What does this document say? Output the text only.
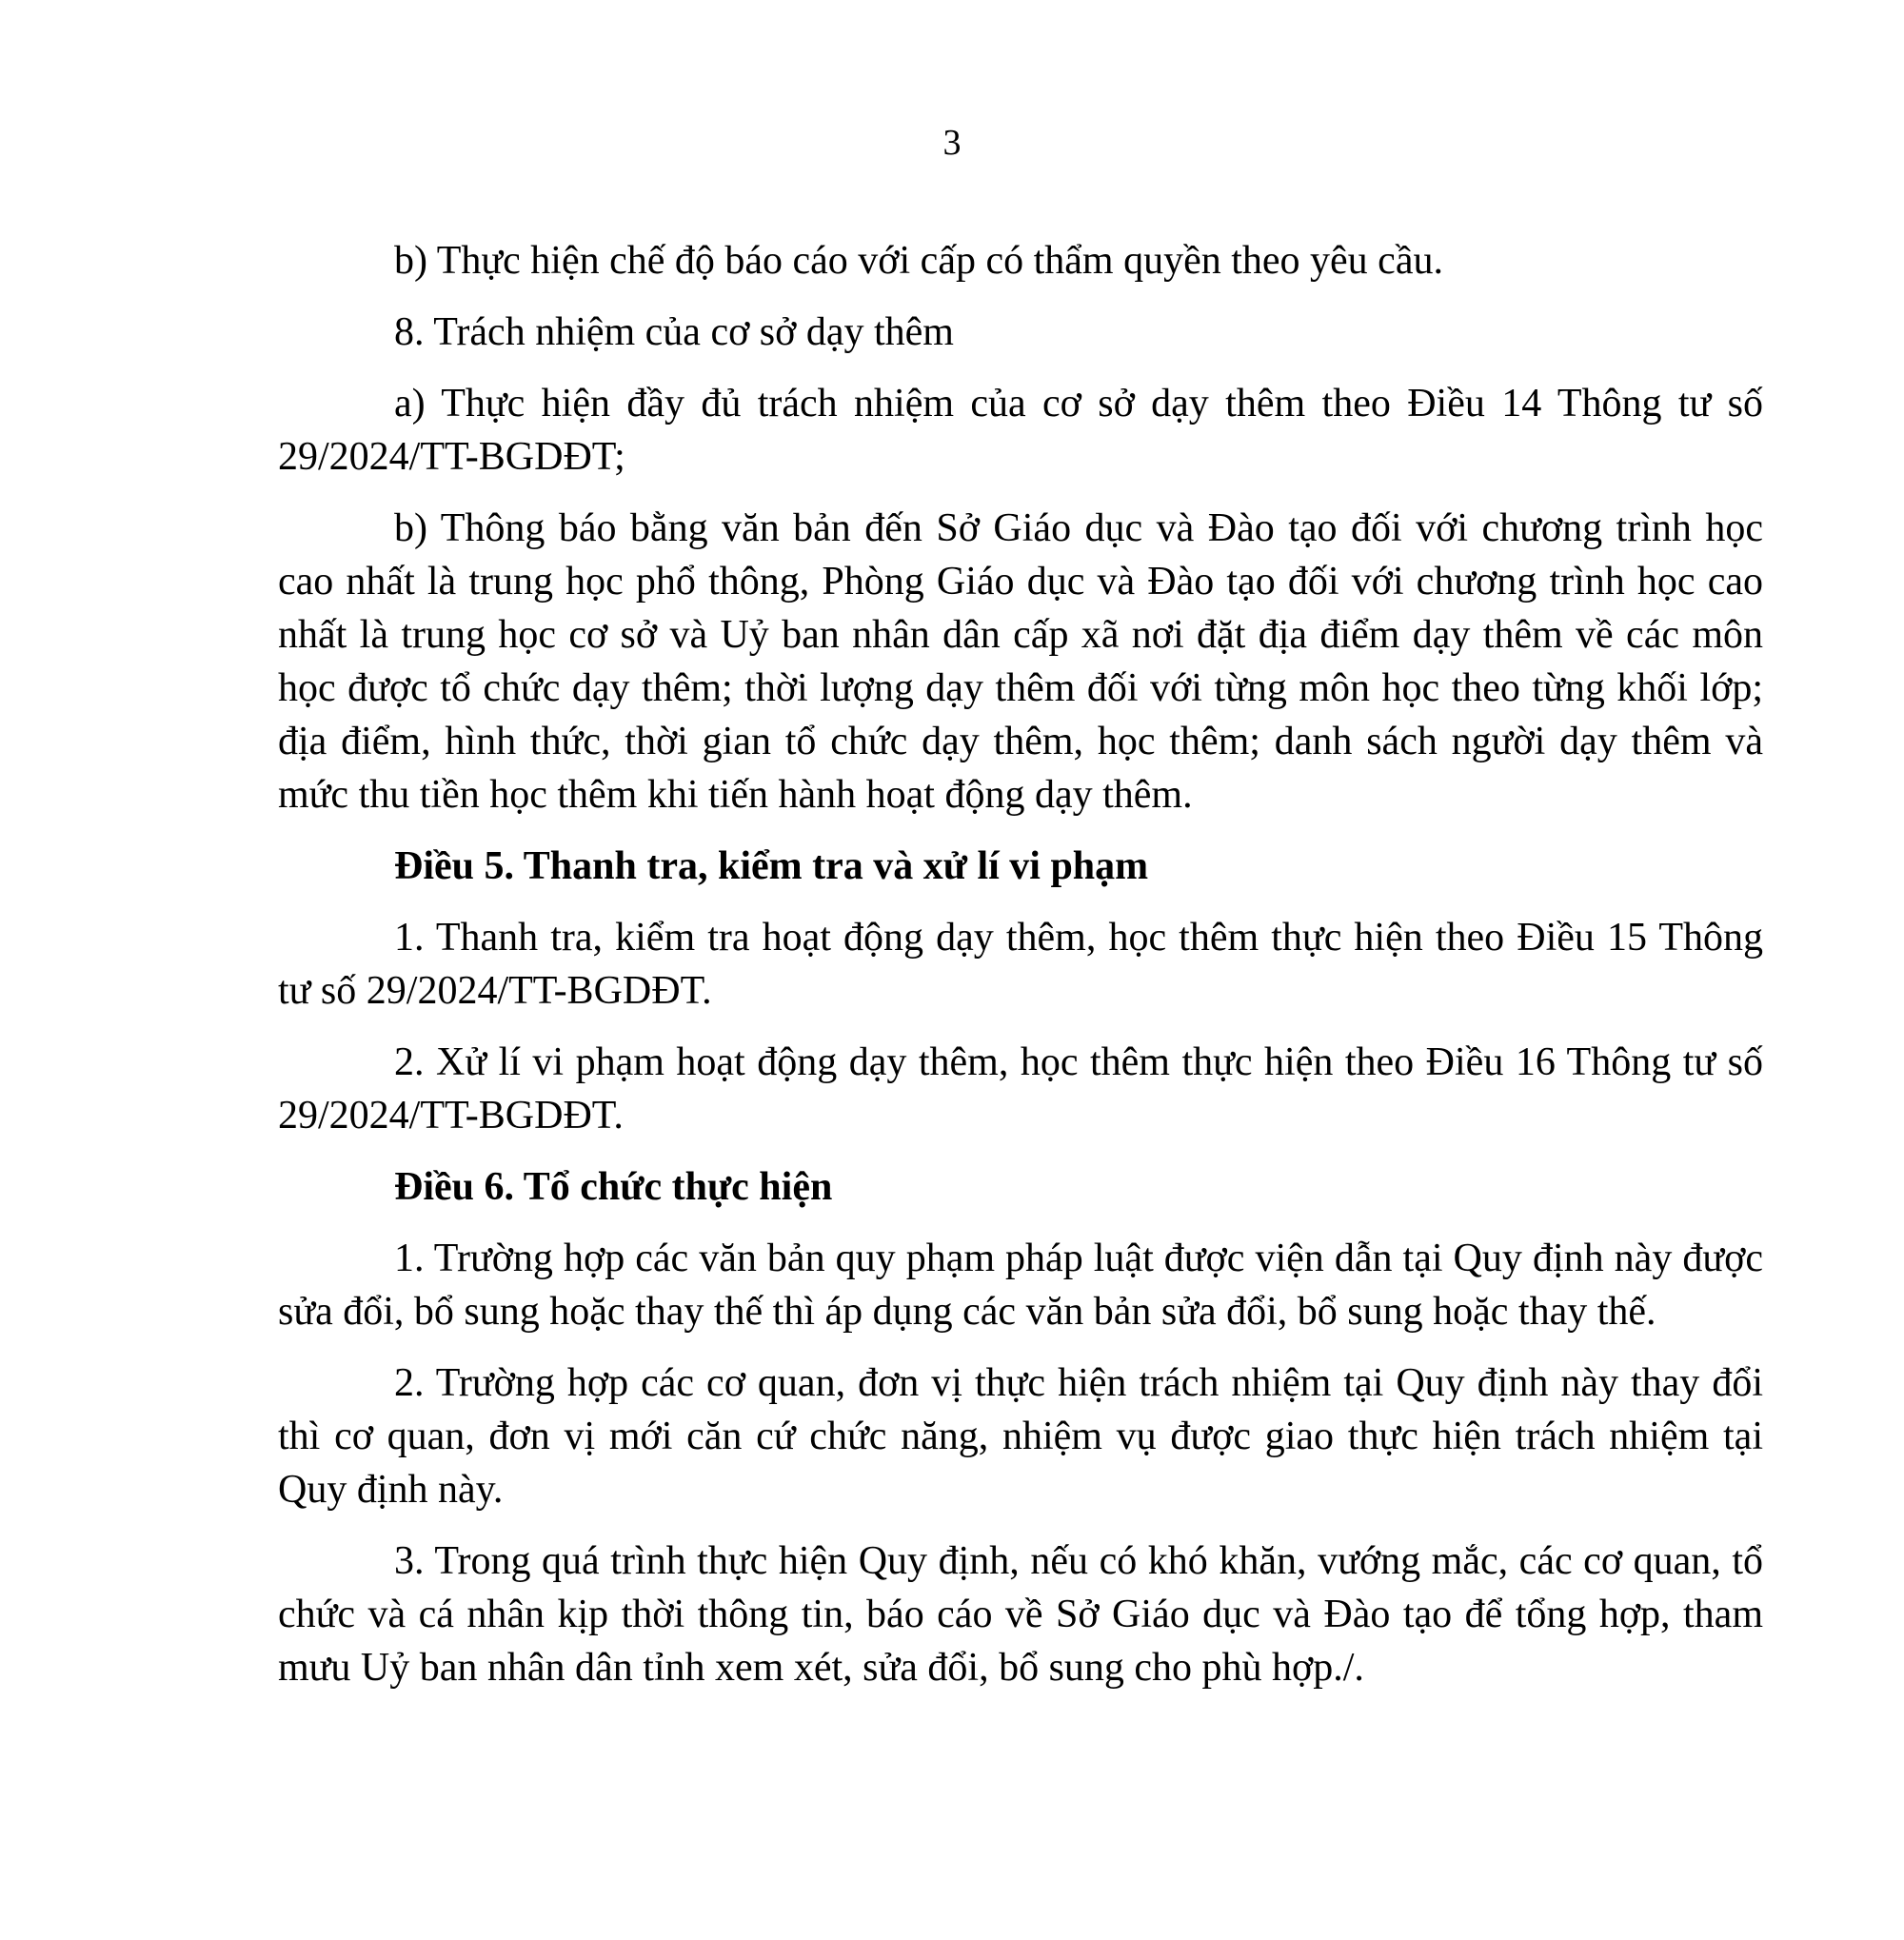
3

b) Thực hiện chế độ báo cáo với cấp có thẩm quyền theo yêu cầu.

8. Trách nhiệm của cơ sở dạy thêm

a) Thực hiện đầy đủ trách nhiệm của cơ sở dạy thêm theo Điều 14 Thông tư số 29/2024/TT-BGDĐT;

b) Thông báo bằng văn bản đến Sở Giáo dục và Đào tạo đối với chương trình học cao nhất là trung học phổ thông, Phòng Giáo dục và Đào tạo đối với chương trình học cao nhất là trung học cơ sở và Uỷ ban nhân dân cấp xã nơi đặt địa điểm dạy thêm về các môn học được tổ chức dạy thêm; thời lượng dạy thêm đối với từng môn học theo từng khối lớp; địa điểm, hình thức, thời gian tổ chức dạy thêm, học thêm; danh sách người dạy thêm và mức thu tiền học thêm khi tiến hành hoạt động dạy thêm.

Điều 5. Thanh tra, kiểm tra và xử lí vi phạm

1. Thanh tra, kiểm tra hoạt động dạy thêm, học thêm thực hiện theo Điều 15 Thông tư số 29/2024/TT-BGDĐT.

2. Xử lí vi phạm hoạt động dạy thêm, học thêm thực hiện theo Điều 16 Thông tư số 29/2024/TT-BGDĐT.

Điều 6. Tổ chức thực hiện

1. Trường hợp các văn bản quy phạm pháp luật được viện dẫn tại Quy định này được sửa đổi, bổ sung hoặc thay thế thì áp dụng các văn bản sửa đổi, bổ sung hoặc thay thế.

2. Trường hợp các cơ quan, đơn vị thực hiện trách nhiệm tại Quy định này thay đổi thì cơ quan, đơn vị mới căn cứ chức năng, nhiệm vụ được giao thực hiện trách nhiệm tại Quy định này.

3. Trong quá trình thực hiện Quy định, nếu có khó khăn, vướng mắc, các cơ quan, tổ chức và cá nhân kịp thời thông tin, báo cáo về Sở Giáo dục và Đào tạo để tổng hợp, tham mưu Uỷ ban nhân dân tỉnh xem xét, sửa đổi, bổ sung cho phù hợp./.
